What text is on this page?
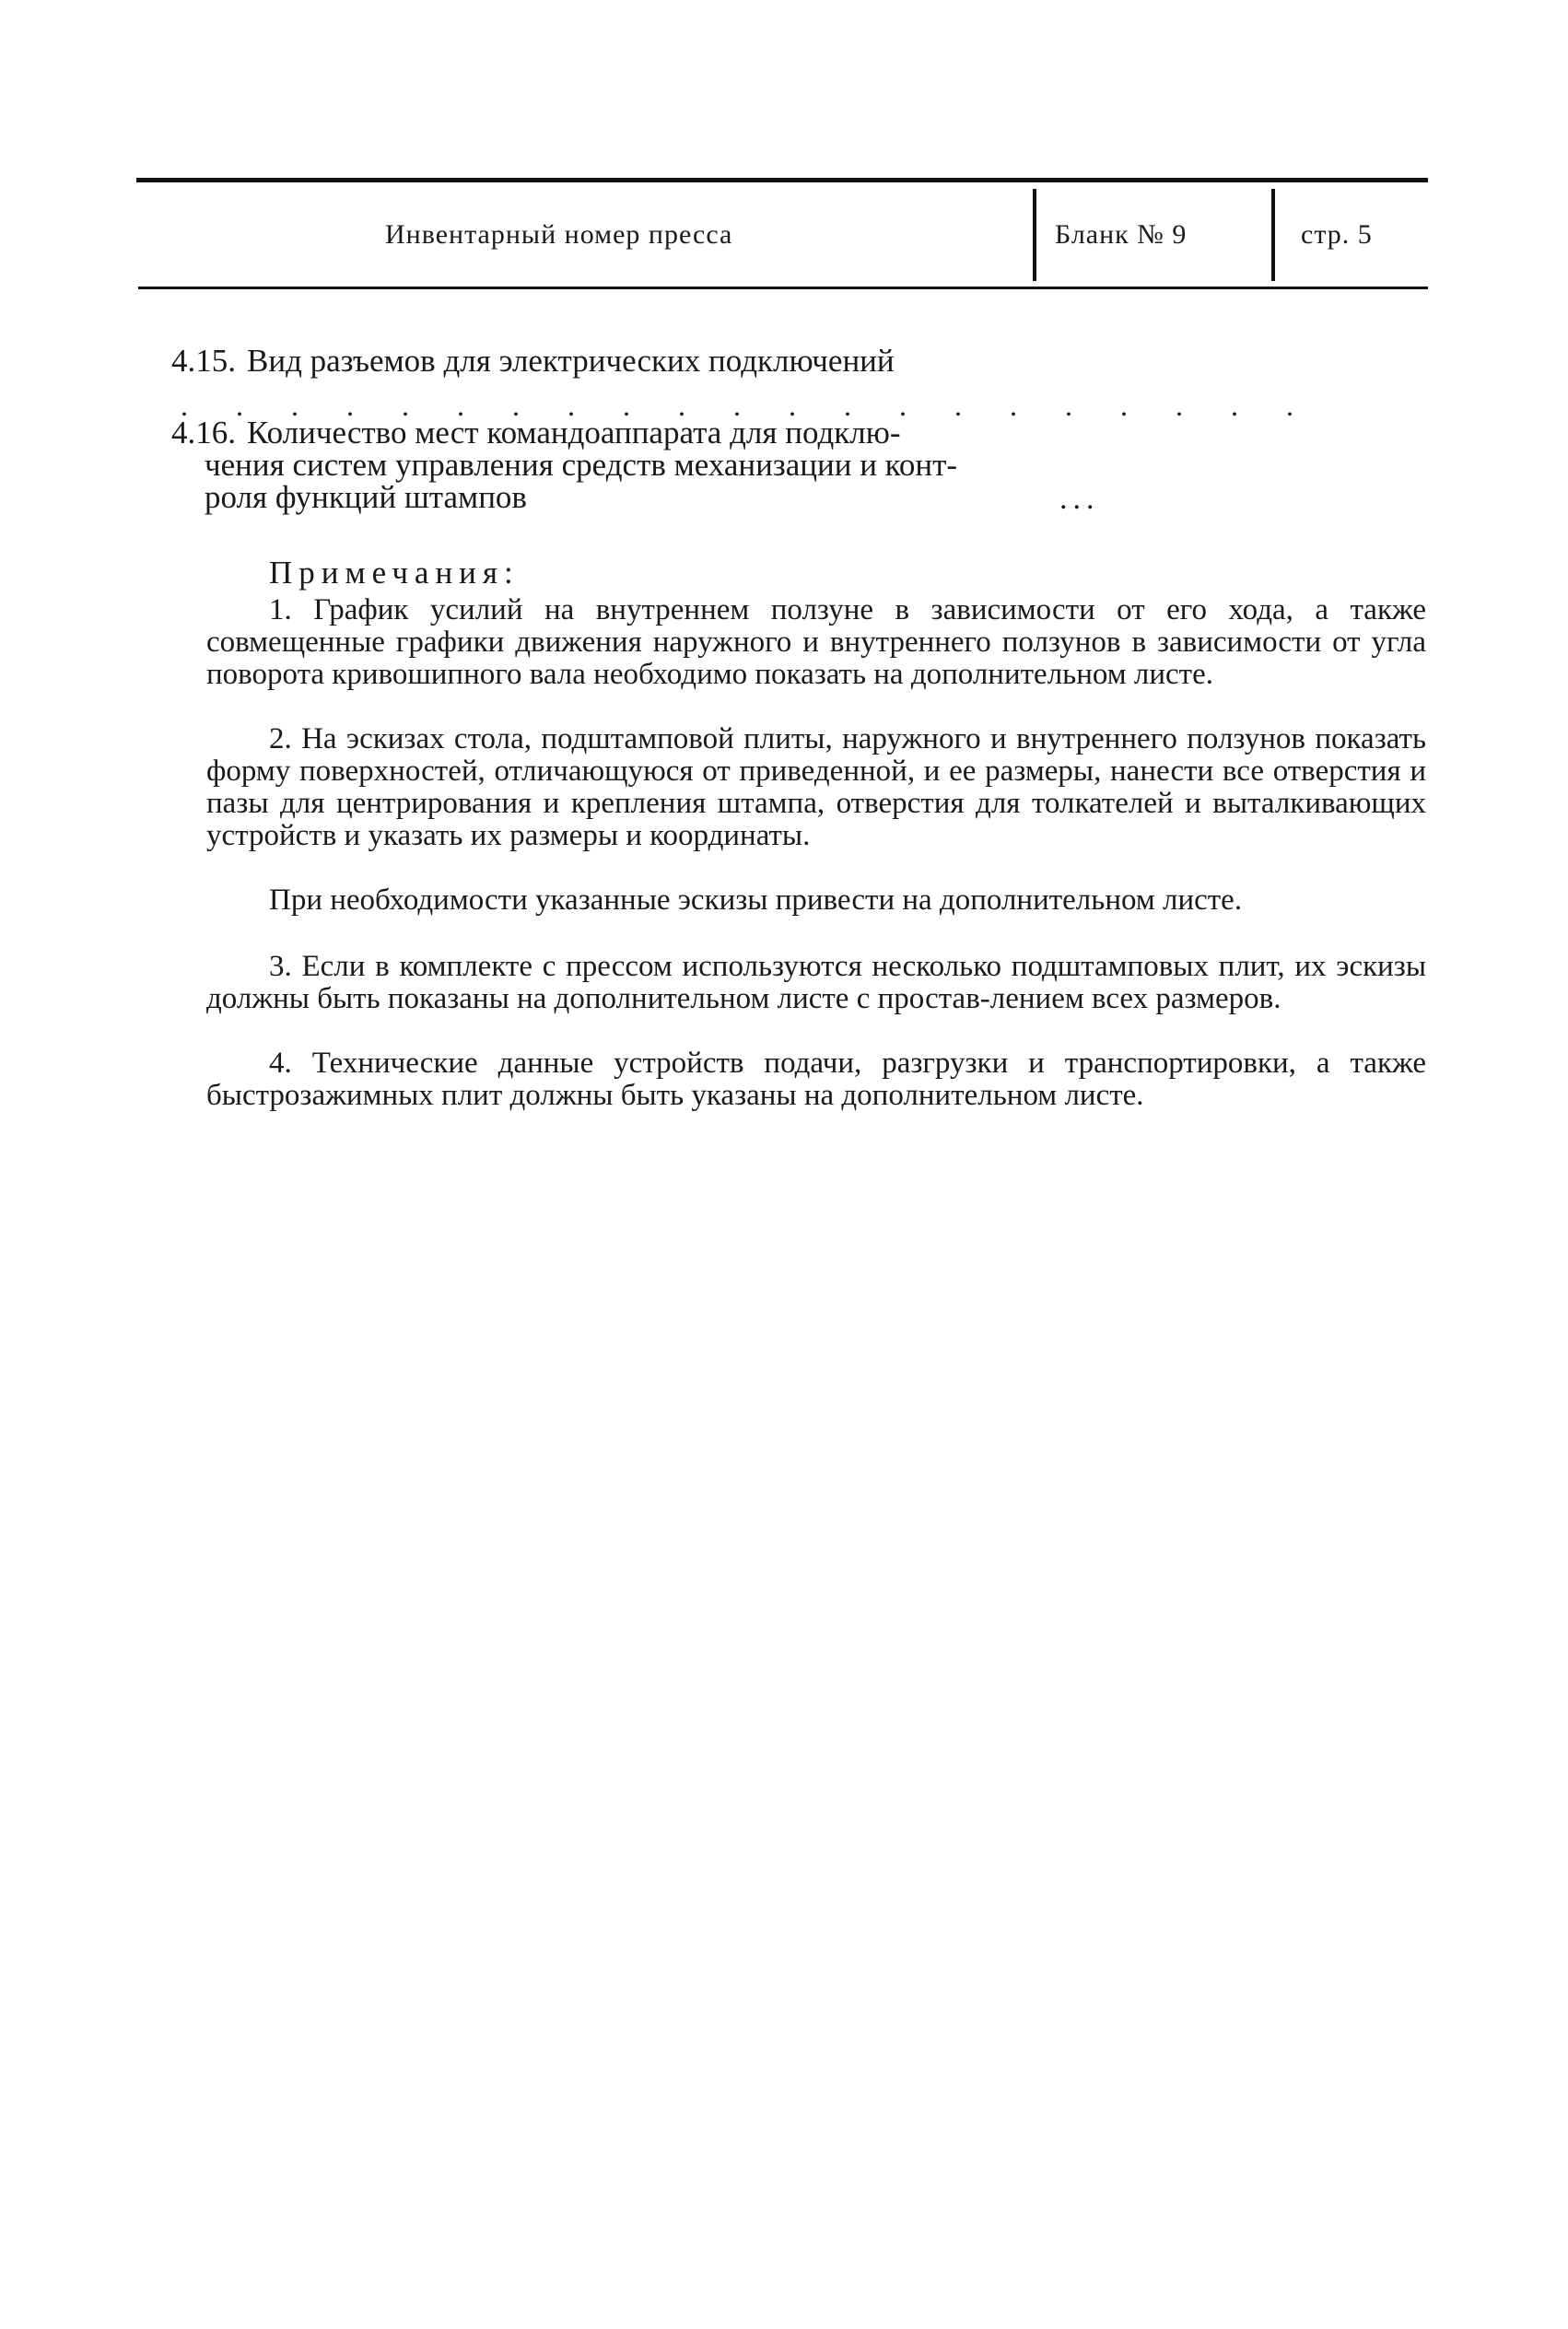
Инвентарный номер пресса	Бланк № 9	стр. 5
4.15. Вид разъемов для электрических подключений
. . . . . . . . . . . . . . . . . . . . .
4.16. Количество мест командоаппарата для подклю-
чения систем управления средств механизации и конт-
роля функций штампов	...
Примечания:
1. График усилий на внутреннем ползуне в зависимости от его хода, а также совмещенные графики движения наружного и внутреннего ползунов в зависимости от угла поворота кривошипного вала необходимо показать на дополнительном листе.
2. На эскизах стола, подштамповой плиты, наружного и внутреннего ползунов показать форму поверхностей, отличающуюся от приведенной, и ее размеры, нанести все отверстия и пазы для центрирования и крепления штампа, отверстия для толкателей и выталкивающих устройств и указать их размеры и координаты.
При необходимости указанные эскизы привести на дополнительном листе.
3. Если в комплекте с прессом используются несколько подштамповых плит, их эскизы должны быть показаны на дополнительном листе с простав-лением всех размеров.
4. Технические данные устройств подачи, разгрузки и транспортировки, а также быстрозажимных плит должны быть указаны на дополнительном листе.
